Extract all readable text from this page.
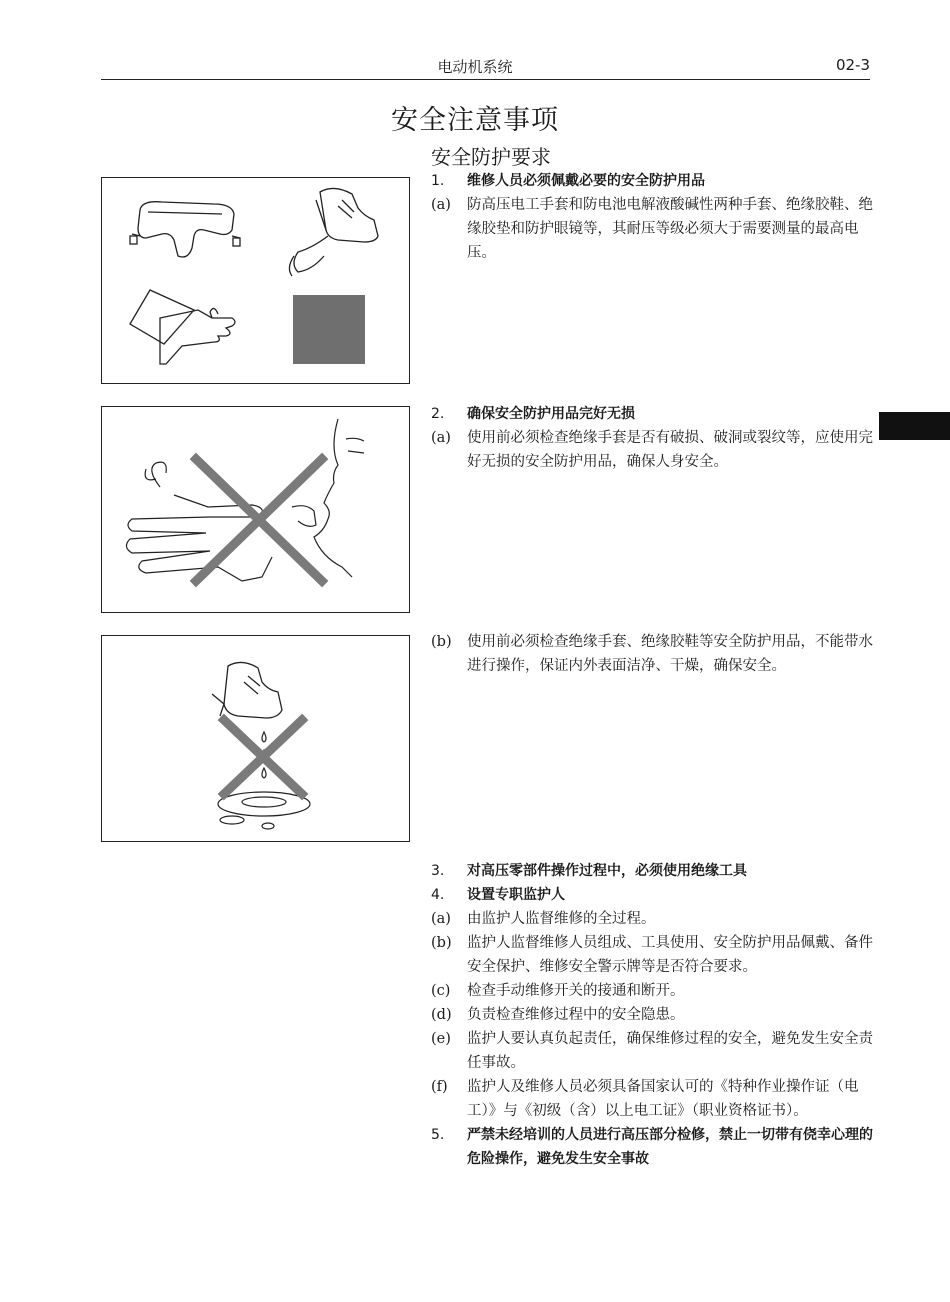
电动机系统	02-3
安全注意事项
安全防护要求
1.	维修人员必须佩戴必要的安全防护用品
(a)	防高压电工手套和防电池电解液酸碱性两种手套、绝缘胶鞋、绝缘胶垫和防护眼镜等，其耐压等级必须大于需要测量的最高电压。
2.	确保安全防护用品完好无损
(a)	使用前必须检查绝缘手套是否有破损、破洞或裂纹等，应使用完好无损的安全防护用品，确保人身安全。
(b)	使用前必须检查绝缘手套、绝缘胶鞋等安全防护用品，不能带水进行操作，保证内外表面洁净、干燥，确保安全。
3.	对高压零部件操作过程中，必须使用绝缘工具
4.	设置专职监护人
(a)	由监护人监督维修的全过程。
(b)	监护人监督维修人员组成、工具使用、安全防护用品佩戴、备件安全保护、维修安全警示牌等是否符合要求。
(c)	检查手动维修开关的接通和断开。
(d)	负责检查维修过程中的安全隐患。
(e)	监护人要认真负起责任，确保维修过程的安全，避免发生安全责任事故。
(f)	监护人及维修人员必须具备国家认可的《特种作业操作证（电工）》与《初级（含）以上电工证》（职业资格证书）。
5.	严禁未经培训的人员进行高压部分检修，禁止一切带有侥幸心理的危险操作，避免发生安全事故
